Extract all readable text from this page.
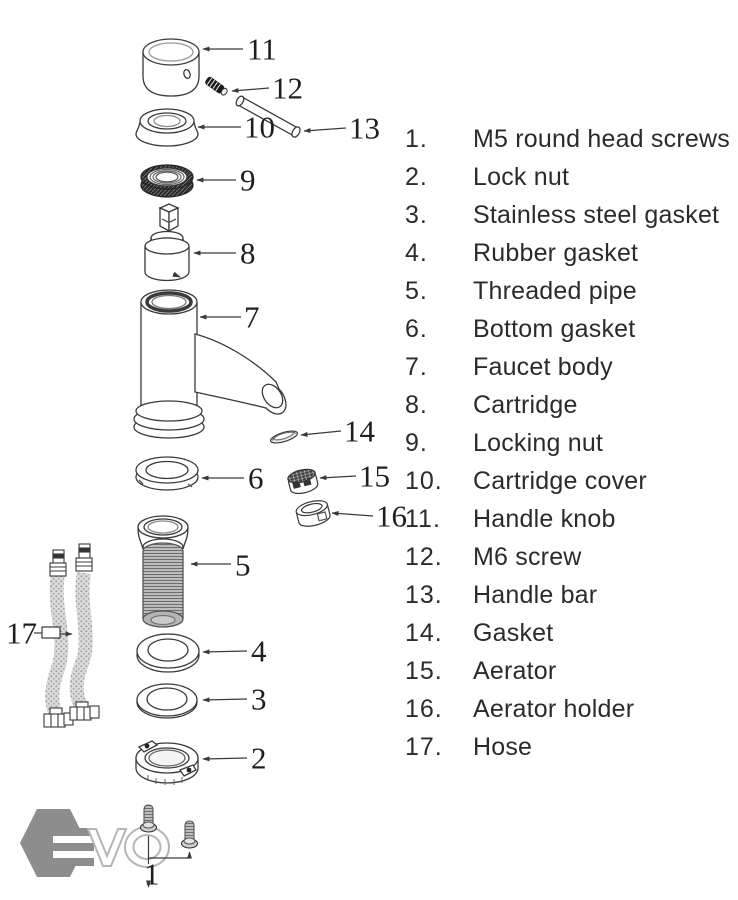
11
12
10 13
9
8
7
14
6	15
16
5
17
4
3
2
1
1.	M5 round head screws
2.	Lock nut
3.	Stainless steel gasket
4.	Rubber gasket
5.	Threaded pipe
6.	Bottom gasket
7.	Faucet body
8.	Cartridge
9.	Locking nut
10.	Cartridge cover
11.	Handle knob
12.	M6 screw
13.	Handle bar
14.	Gasket
15.	Aerator
16.	Aerator holder
17.	Hose
